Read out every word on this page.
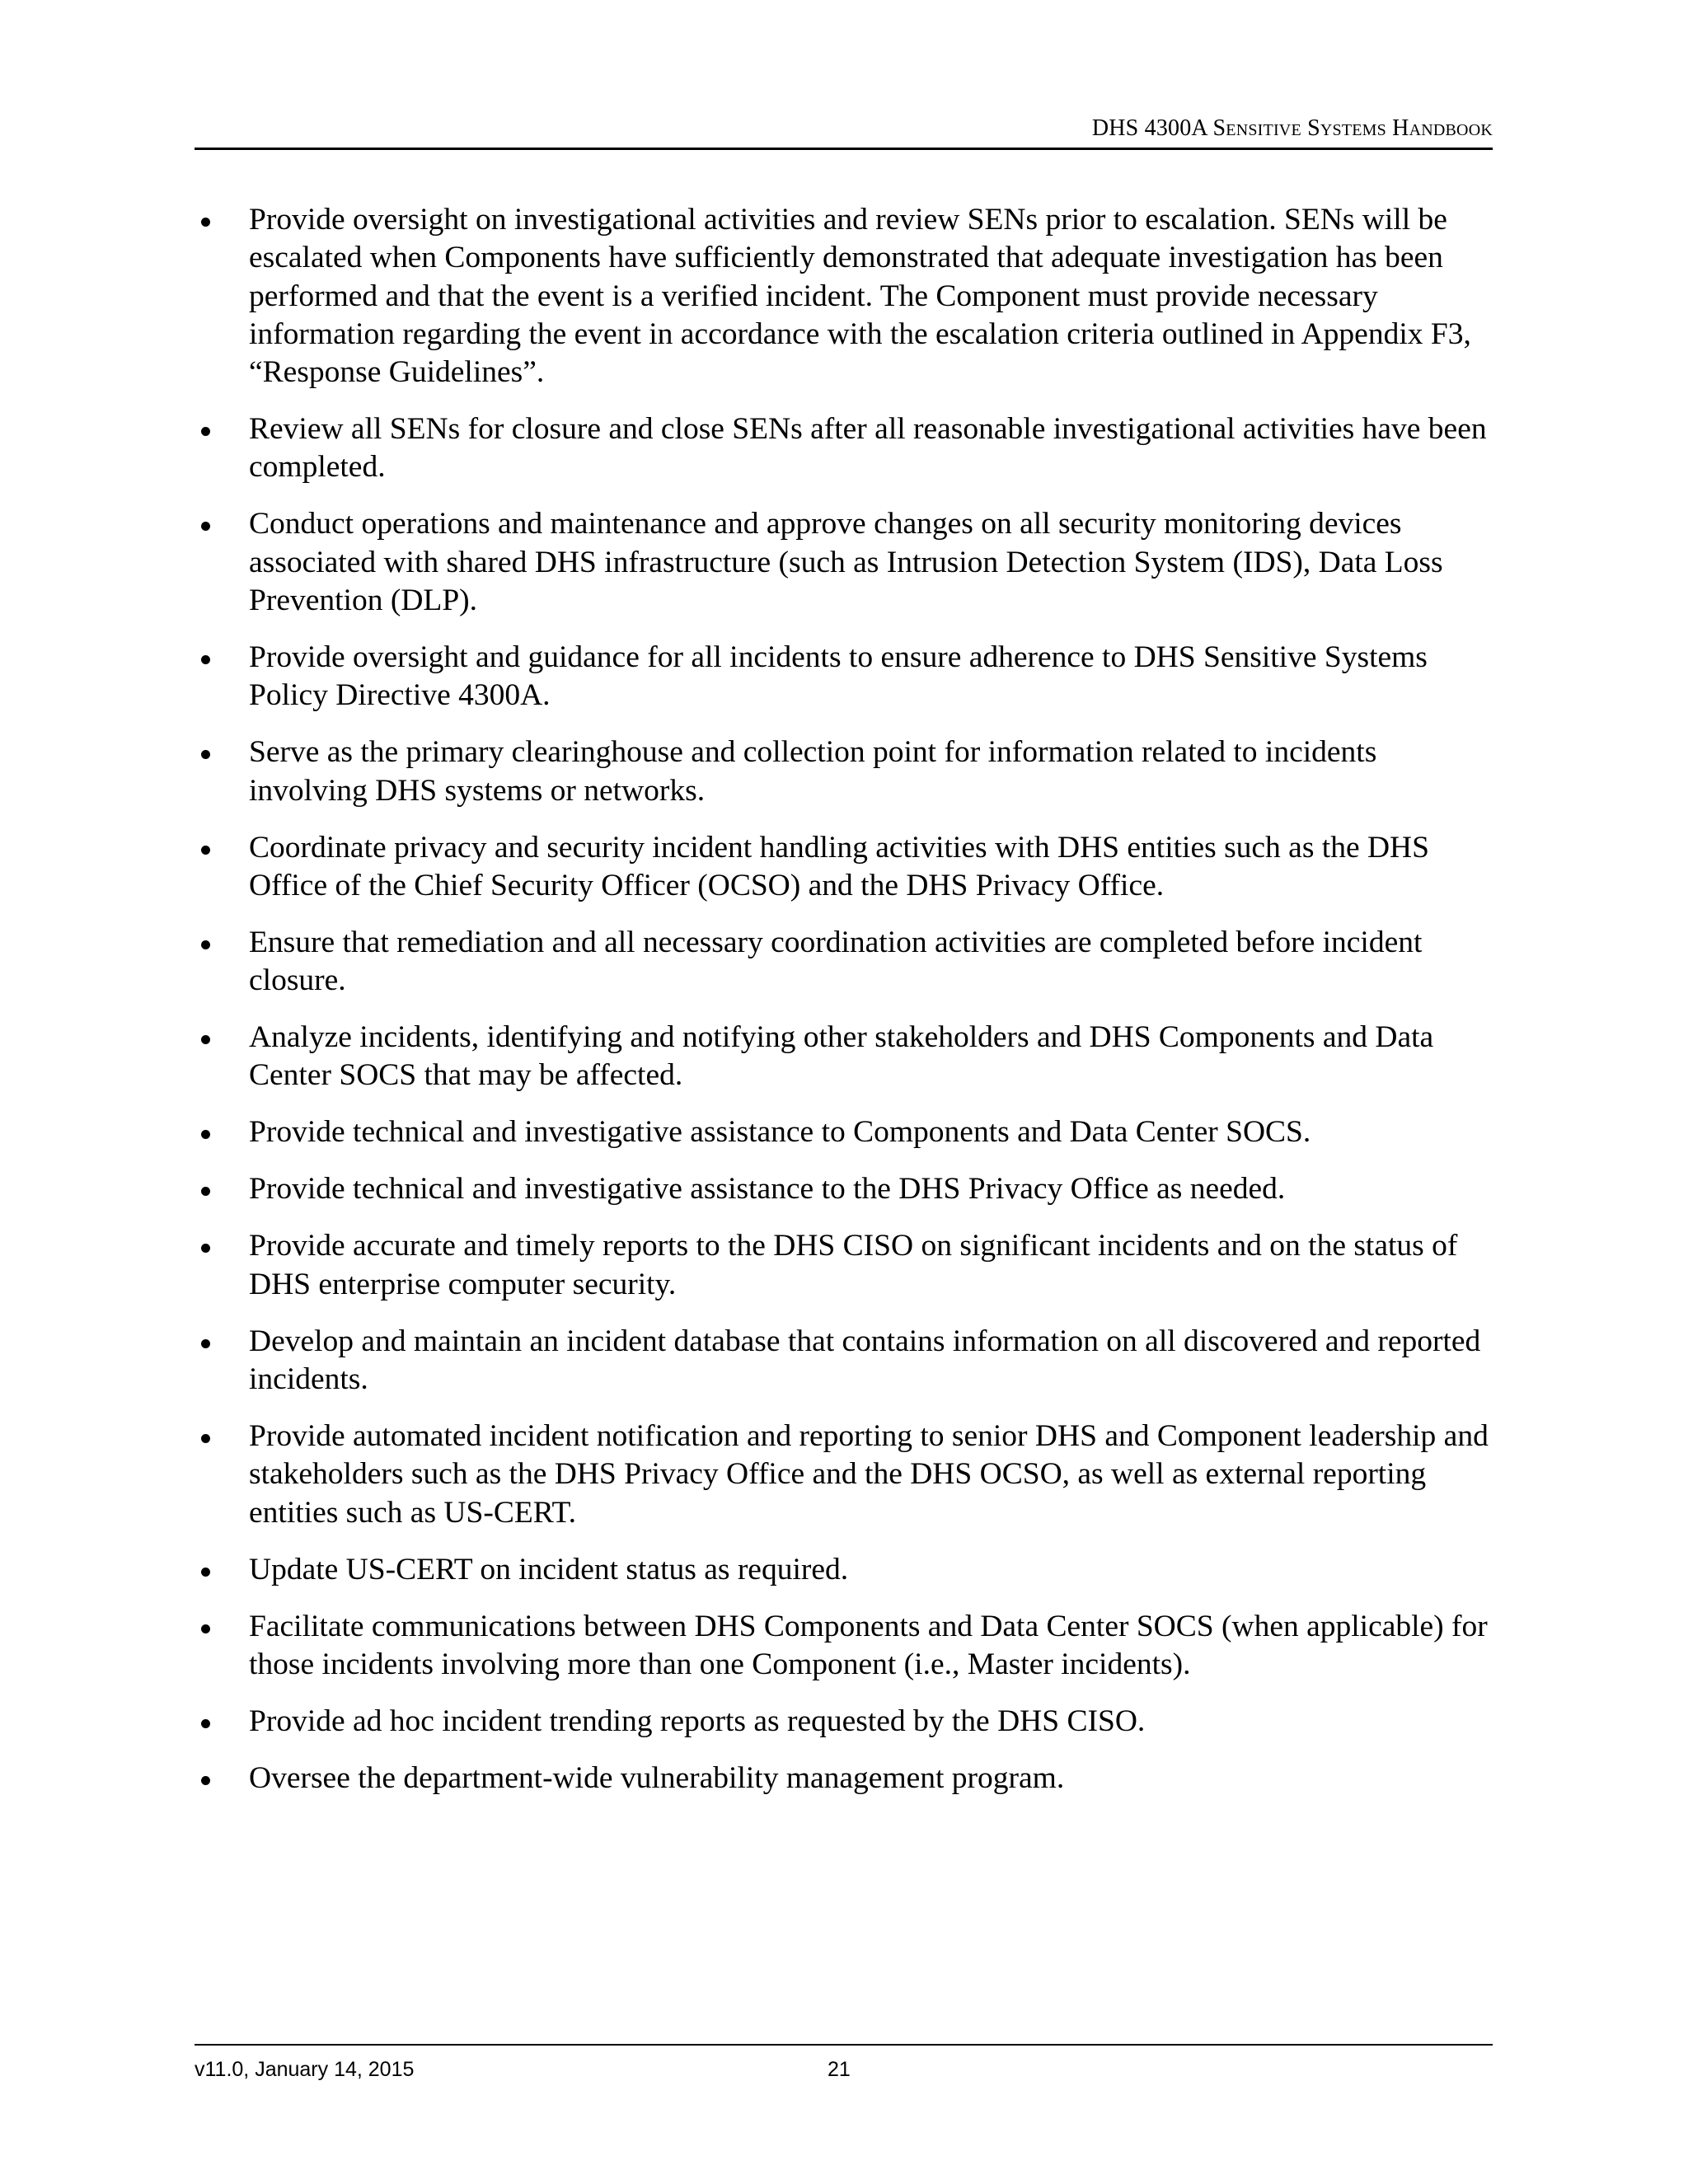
DHS 4300A Sensitive Systems Handbook
Provide oversight on investigational activities and review SENs prior to escalation. SENs will be escalated when Components have sufficiently demonstrated that adequate investigation has been performed and that the event is a verified incident. The Component must provide necessary information regarding the event in accordance with the escalation criteria outlined in Appendix F3, “Response Guidelines”.
Review all SENs for closure and close SENs after all reasonable investigational activities have been completed.
Conduct operations and maintenance and approve changes on all security monitoring devices associated with shared DHS infrastructure (such as Intrusion Detection System (IDS), Data Loss Prevention (DLP).
Provide oversight and guidance for all incidents to ensure adherence to DHS Sensitive Systems Policy Directive 4300A.
Serve as the primary clearinghouse and collection point for information related to incidents involving DHS systems or networks.
Coordinate privacy and security incident handling activities with DHS entities such as the DHS Office of the Chief Security Officer (OCSO) and the DHS Privacy Office.
Ensure that remediation and all necessary coordination activities are completed before incident closure.
Analyze incidents, identifying and notifying other stakeholders and DHS Components and Data Center SOCS that may be affected.
Provide technical and investigative assistance to Components and Data Center SOCS.
Provide technical and investigative assistance to the DHS Privacy Office as needed.
Provide accurate and timely reports to the DHS CISO on significant incidents and on the status of DHS enterprise computer security.
Develop and maintain an incident database that contains information on all discovered and reported incidents.
Provide automated incident notification and reporting to senior DHS and Component leadership and stakeholders such as the DHS Privacy Office and the DHS OCSO, as well as external reporting entities such as US-CERT.
Update US-CERT on incident status as required.
Facilitate communications between DHS Components and Data Center SOCS (when applicable) for those incidents involving more than one Component (i.e., Master incidents).
Provide ad hoc incident trending reports as requested by the DHS CISO.
Oversee the department-wide vulnerability management program.
v11.0, January 14, 2015	21
